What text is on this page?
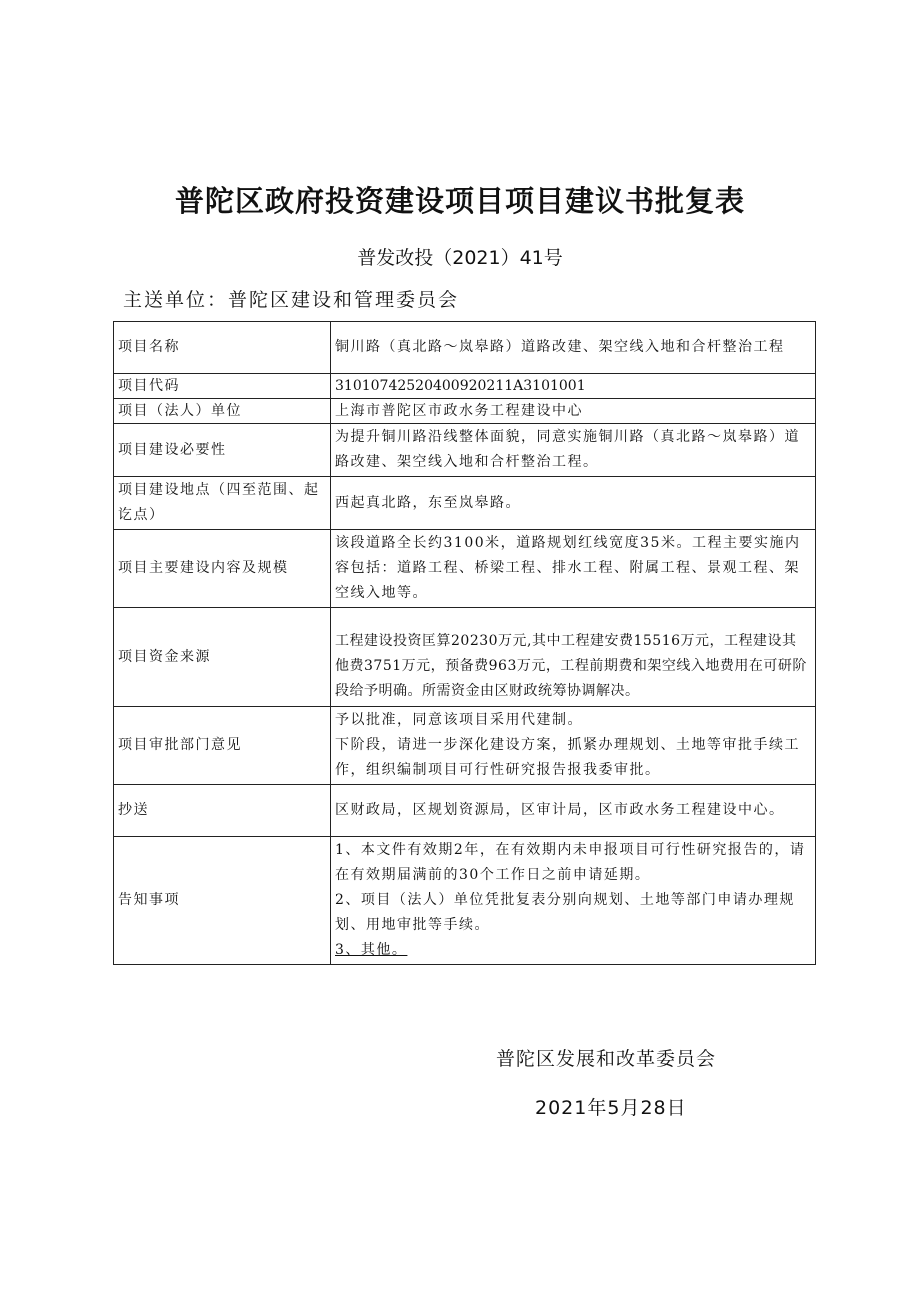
普陀区政府投资建设项目项目建议书批复表
普发改投（2021）41号
主送单位：普陀区建设和管理委员会
项目名称	铜川路（真北路～岚皋路）道路改建、架空线入地和合杆整治工程
项目代码	31010742520400920211A3101001
项目（法人）单位	上海市普陀区市政水务工程建设中心
项目建设必要性	为提升铜川路沿线整体面貌，同意实施铜川路（真北路～岚皋路）道路改建、架空线入地和合杆整治工程。
项目建设地点（四至范围、起讫点）	西起真北路，东至岚皋路。
项目主要建设内容及规模	该段道路全长约3100米，道路规划红线宽度35米。工程主要实施内容包括：道路工程、桥梁工程、排水工程、附属工程、景观工程、架空线入地等。
项目资金来源	工程建设投资匡算20230万元,其中工程建安费15516万元，工程建设其他费3751万元，预备费963万元，工程前期费和架空线入地费用在可研阶段给予明确。所需资金由区财政统筹协调解决。
项目审批部门意见	予以批准，同意该项目采用代建制。
下阶段，请进一步深化建设方案，抓紧办理规划、土地等审批手续工作，组织编制项目可行性研究报告报我委审批。

抄送	区财政局，区规划资源局，区审计局，区市政水务工程建设中心。
告知事项	1、本文件有效期2年，在有效期内未申报项目可行性研究报告的，请在有效期届满前的30个工作日之前申请延期。
2、项目（法人）单位凭批复表分别向规划、土地等部门申请办理规划、用地审批等手续。
3、其他。
普陀区发展和改革委员会
2021年5月28日
